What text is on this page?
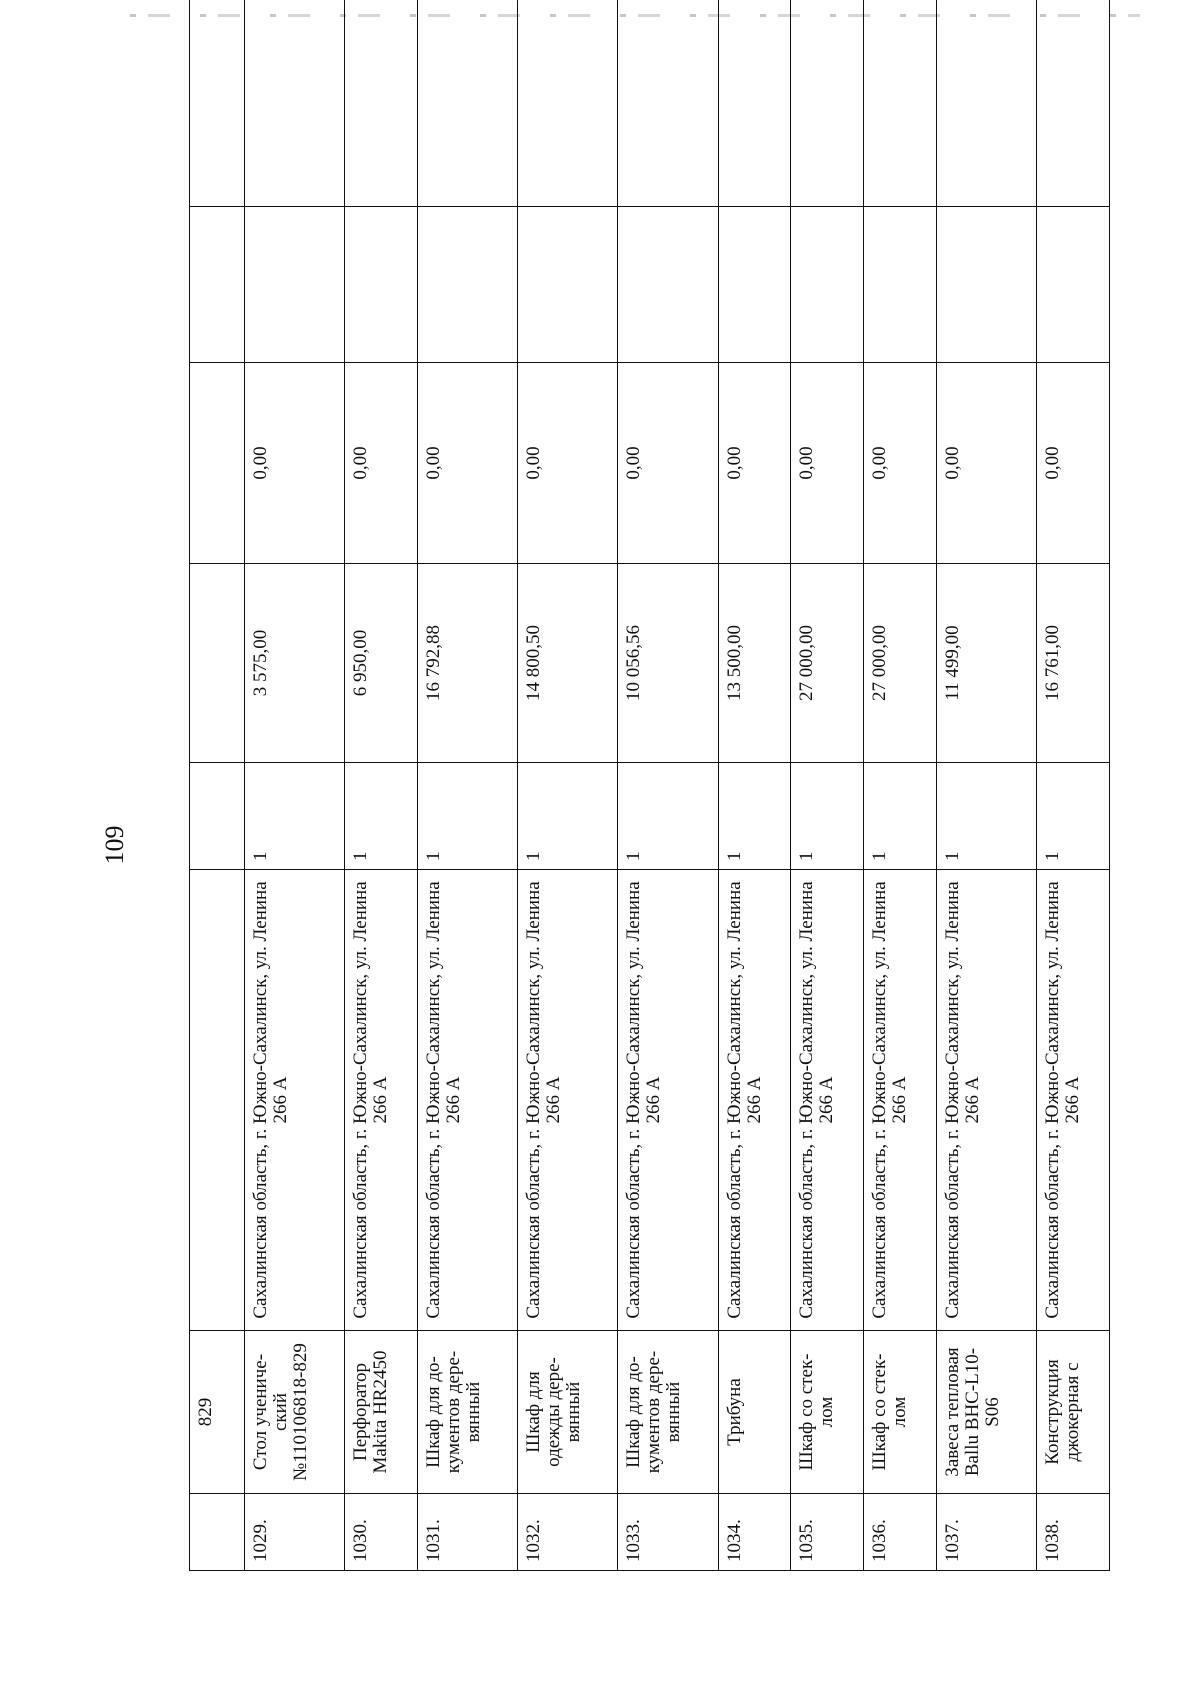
109

	829						

1029.	Стол учениче-ский №110106818-829	Сахалинская область, г. Южно-Сахалинск, ул. Ленина 266 А	1	3 575,00	0,00		
1030.	Перфоратор Makita HR2450	Сахалинская область, г. Южно-Сахалинск, ул. Ленина 266 А	1	6 950,00	0,00		
1031.	Шкаф для до-кументов дере-вянный	Сахалинская область, г. Южно-Сахалинск, ул. Ленина 266 А	1	16 792,88	0,00		
1032.	Шкаф для одежды дере-вянный	Сахалинская область, г. Южно-Сахалинск, ул. Ленина 266 А	1	14 800,50	0,00		
1033.	Шкаф для до-кументов дере-вянный	Сахалинская область, г. Южно-Сахалинск, ул. Ленина 266 А	1	10 056,56	0,00		
1034.	Трибуна	Сахалинская область, г. Южно-Сахалинск, ул. Ленина 266 А	1	13 500,00	0,00		
1035.	Шкаф со стек-лом	Сахалинская область, г. Южно-Сахалинск, ул. Ленина 266 А	1	27 000,00	0,00		
1036.	Шкаф со стек-лом	Сахалинская область, г. Южно-Сахалинск, ул. Ленина 266 А	1	27 000,00	0,00		
1037.	Завеса тепловая Ballu BHC-L10-S06	Сахалинская область, г. Южно-Сахалинск, ул. Ленина 266 А	1	11 499,00	0,00		
1038.	Конструкция джокерная с	Сахалинская область, г. Южно-Сахалинск, ул. Ленина 266 А	1	16 761,00	0,00		
